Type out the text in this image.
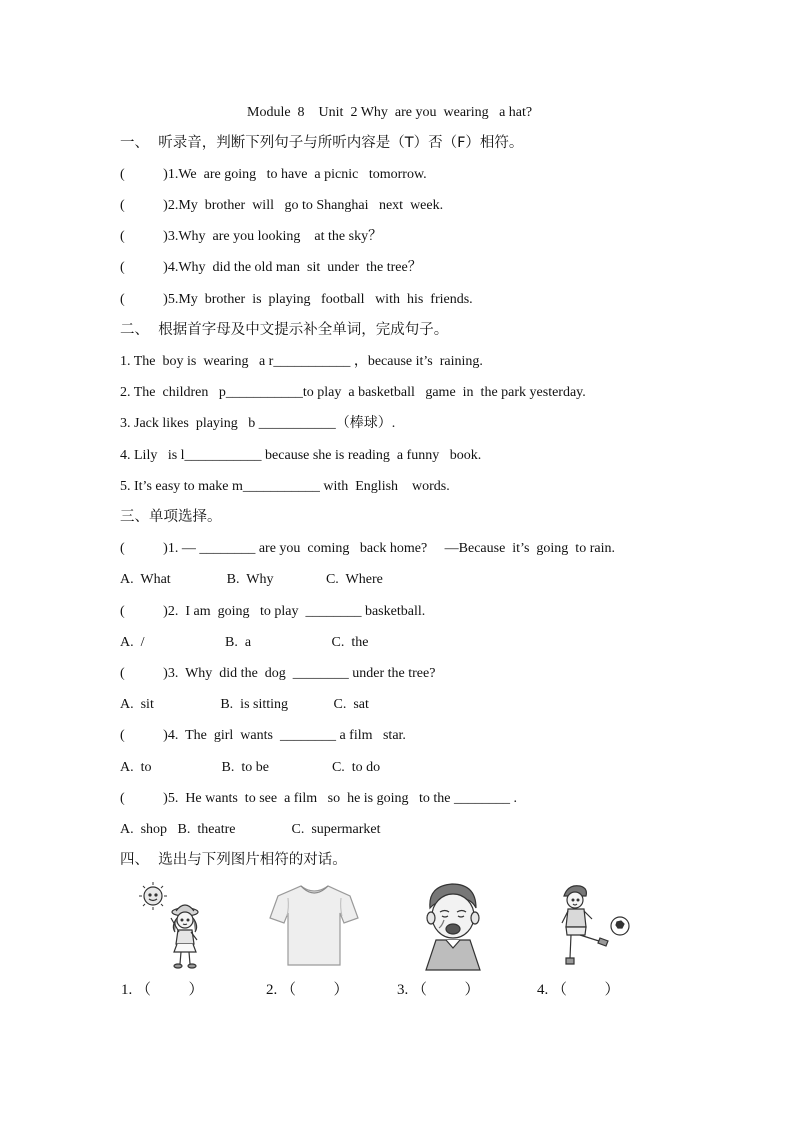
Module  8    Unit  2 Why  are you  wearing   a hat?
一、  听录音，判断下列句子与所听内容是（T）否（F）相符。
(           )1.We  are going   to have  a picnic   tomorrow.
(           )2.My  brother  will   go to Shanghai   next  week.
(           )3.Why  are you looking    at the sky？
(           )4.Why  did the old man  sit  under  the tree？
(           )5.My  brother  is  playing   football   with  his  friends.
二、  根据首字母及中文提示补全单词，完成句子。
1. The  boy is  wearing   a r___________ ，because it’s  raining.
2. The  children   p___________to play  a basketball   game  in  the park yesterday.
3. Jack likes  playing   b ___________（棒球）.
4. Lily   is l___________ because she is reading  a funny   book.
5. It’s easy to make m___________ with  English    words.
三、单项选择。
(           )1. — ________ are you  coming   back home?     —Because  it’s  going  to rain.
A.  What                B.  Why               C.  Where
(           )2.  I am  going   to play  ________ basketball.
A.  /                       B.  a                       C.  the
(           )3.  Why  did the  dog  ________ under the tree?
A.  sit                   B.  is sitting             C.  sat
(           )4.  The  girl  wants  ________ a film   star.
A.  to                    B.  to be                  C.  to do
(           )5.  He wants  to see  a film   so  he is going   to the ________ .
A.  shop   B.  theatre                C.  supermarket
四、  选出与下列图片相符的对话。
1. （          ）	2. （          ）	3. （          ）	4. （          ）
